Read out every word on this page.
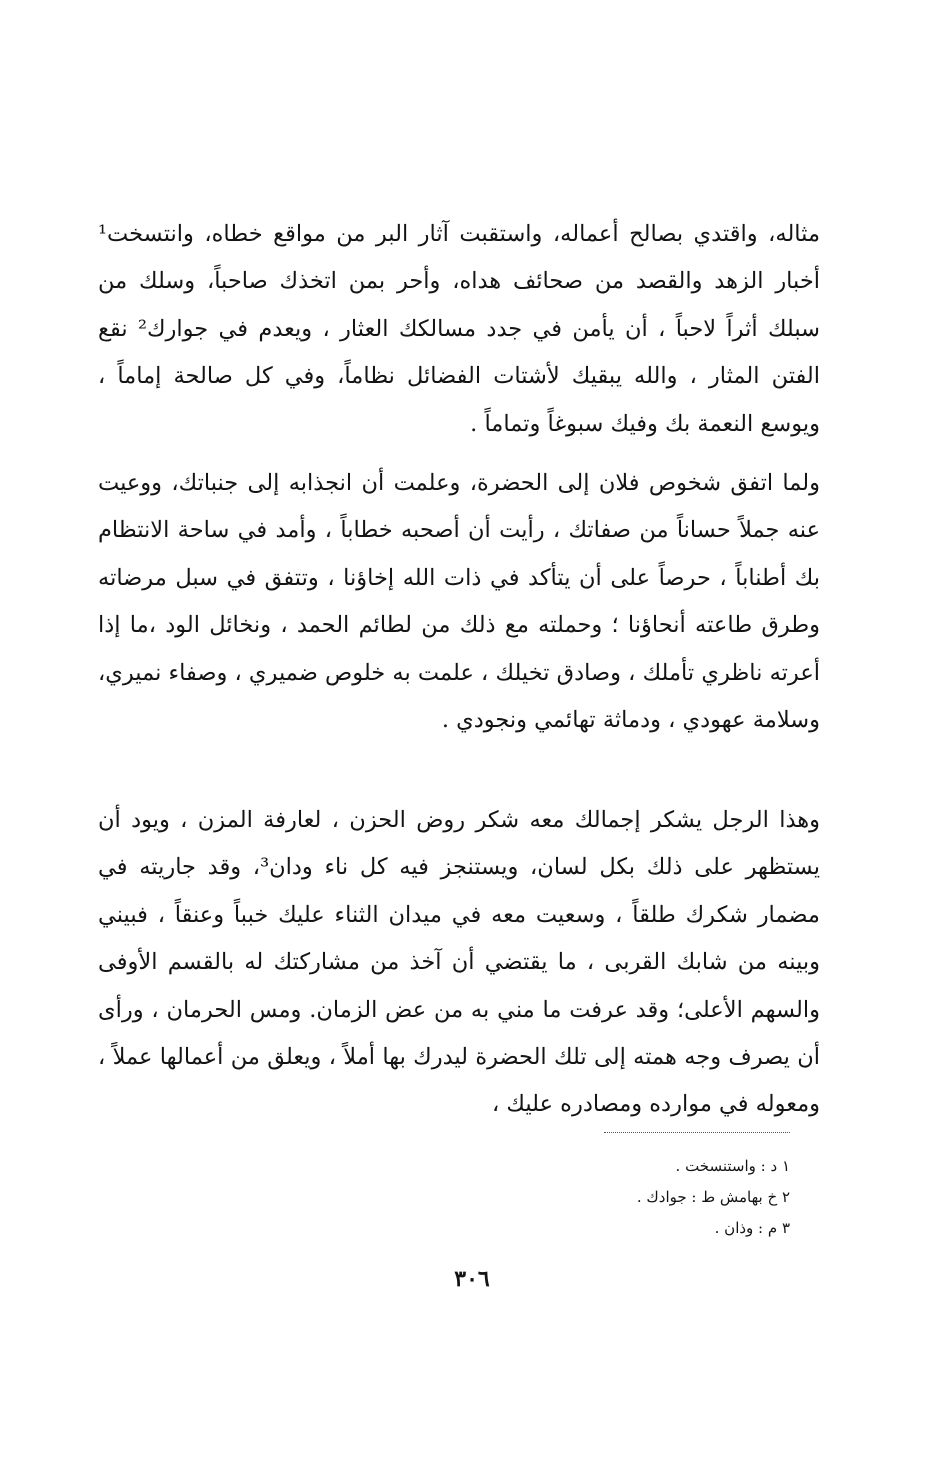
مثاله، واقتدي بصالح أعماله، واستقبت آثار البر من مواقع خطاه، وانتسخت¹ أخبار الزهد والقصد من صحائف هداه، وأحر بمن اتخذك صاحباً، وسلك من سبلك أثراً لاحباً ، أن يأمن في جدد مسالكك العثار ، ويعدم في جوارك² نقع الفتن المثار ، والله يبقيك لأشتات الفضائل نظاماً، وفي كل صالحة إماماً ، ويوسع النعمة بك وفيك سبوغاً وتماماً .

ولما اتفق شخوص فلان إلى الحضرة، وعلمت أن انجذابه إلى جنباتك، ووعيت عنه جملاً حساناً من صفاتك ، رأيت أن أصحبه خطاباً ، وأمد في ساحة الانتظام بك أطناباً ، حرصاً على أن يتأكد في ذات الله إخاؤنا ، وتتفق في سبل مرضاته وطرق طاعته أنحاؤنا ؛ وحملته مع ذلك من لطائم الحمد ، ونخائل الود ،ما إذا أعرته ناظري تأملك ، وصادق تخيلك ، علمت به خلوص ضميري ، وصفاء نميري، وسلامة عهودي ، ودماثة تهائمي ونجودي .

وهذا الرجل يشكر إجمالك معه شكر روض الحزن ، لعارفة المزن ، ويود أن يستظهر على ذلك بكل لسان، ويستنجز فيه كل ناء ودان³، وقد جاريته في مضمار شكرك طلقاً ، وسعيت معه في ميدان الثناء عليك خبباً وعنقاً ، فبيني وبينه من شابك القربى ، ما يقتضي أن آخذ من مشاركتك له بالقسم الأوفى والسهم الأعلى؛ وقد عرفت ما مني به من عض الزمان. ومس الحرمان ، ورأى أن يصرف وجه همته إلى تلك الحضرة ليدرك بها أملاً ، ويعلق من أعمالها عملاً ، ومعوله في موارده ومصادره عليك ،

١ د : واستنسخت .

٢ خ بهامش ط : جوادك .

٣ م : وذان .

٣٠٦
